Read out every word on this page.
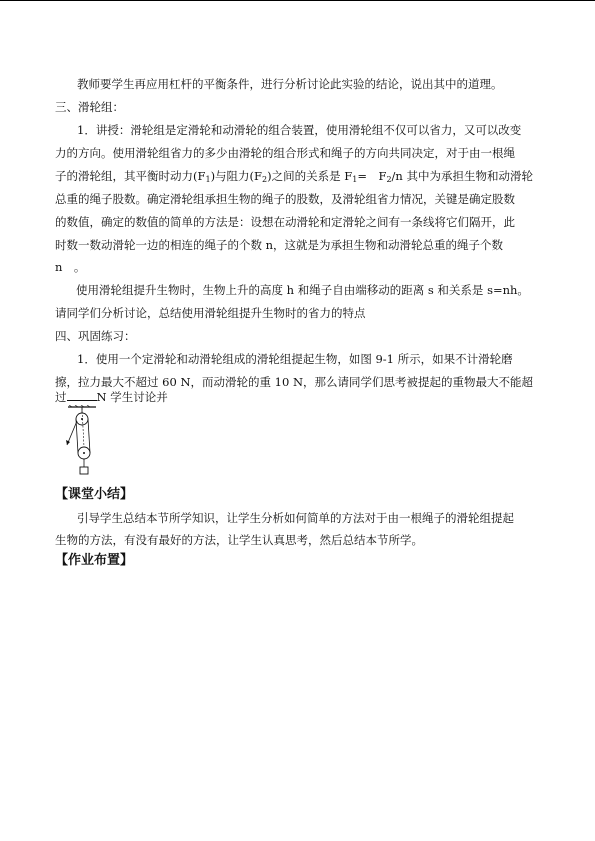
教师要学生再应用杠杆的平衡条件，进行分析讨论此实验的结论，说出其中的道理。
三、滑轮组：
1．讲授：滑轮组是定滑轮和动滑轮的组合装置，使用滑轮组不仅可以省力，又可以改变
力的方向。使用滑轮组省力的多少由滑轮的组合形式和绳子的方向共同决定，对于由一根绳
子的滑轮组，其平衡时动力$(F_1)$与阻力$(F_2)$之间的关系是 $F_1=$　$F_2/n$ 其中为承担生物和动滑轮
总重的绳子股数。确定滑轮组承担生物的绳子的股数，及滑轮组省力情况，关键是确定股数
的数值，确定的数值的简单的方法是：设想在动滑轮和定滑轮之间有一条线将它们隔开，此
时数一数动滑轮一边的相连的绳子的个数 n，这就是为承担生物和动滑轮总重的绳子个数
n　。
使用滑轮组提升生物时，生物上升的高度 h 和绳子自由端移动的距离 s 和关系是 s=nh。
请同学们分析讨论，总结使用滑轮组提升生物时的省力的特点
四、巩固练习：
1．使用一个定滑轮和动滑轮组成的滑轮组提起生物，如图 9-1 所示，如果不计滑轮磨
擦，拉力最大不超过 60 N，而动滑轮的重 10 N，那么请同学们思考被提起的重物最大不能超
过	N 学生讨论并
【课堂小结】
引导学生总结本节所学知识，让学生分析如何简单的方法对于由一根绳子的滑轮组提起
生物的方法，有没有最好的方法，让学生认真思考，然后总结本节所学。
【作业布置】
